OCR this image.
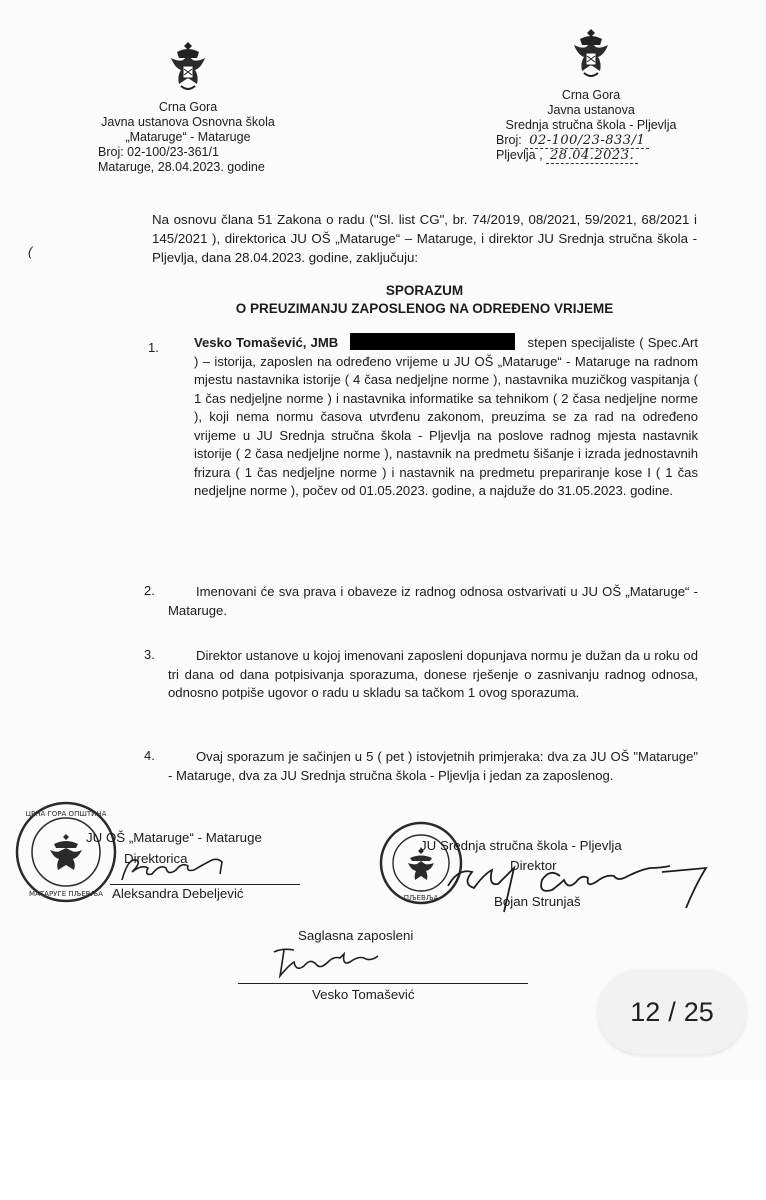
Crna Gora
Javna ustanova Osnovna škola
„Mataruge“ - Mataruge
Broj: 02-100/23-361/1
Mataruge, 28.04.2023. godine
Crna Gora
Javna ustanova
Srednja stručna škola - Pljevlja
Broj: 02-100/23-833/1
Pljevlja , 28.04.2023.
(
Na osnovu člana 51 Zakona o radu ("Sl. list CG", br. 74/2019, 08/2021, 59/2021, 68/2021 i 145/2021 ), direktorica JU OŠ „Mataruge“ – Mataruge, i direktor JU Srednja stručna škola - Pljevlja, dana 28.04.2023. godine, zaključuju:
SPORAZUM
O PREUZIMANJU ZAPOSLENOG NA ODREĐENO VRIJEME
1.	Vesko Tomašević, JMB	stepen specijaliste ( Spec.Art ) – istorija, zaposlen na određeno vrijeme u JU OŠ „Mataruge“ - Mataruge na radnom mjestu nastavnika istorije ( 4 časa nedjeljne norme ), nastavnika muzičkog vaspitanja ( 1 čas nedjeljne norme ) i nastavnika informatike sa tehnikom ( 2 časa nedjeljne norme ), koji nema normu časova utvrđenu zakonom, preuzima se za rad na određeno vrijeme u JU Srednja stručna škola - Pljevlja na poslove radnog mjesta nastavnik istorije ( 2 časa nedjeljne norme ), nastavnik na predmetu šišanje i izrada jednostavnih frizura ( 1 čas nedjeljne norme ) i nastavnik na predmetu prepariranje kose I ( 1 čas nedjeljne norme ), počev od 01.05.2023. godine, a najduže do 31.05.2023. godine.
2.	Imenovani će sva prava i obaveze iz radnog odnosa ostvarivati u JU OŠ „Mataruge“ - Mataruge.
3.	Direktor ustanove u kojoj imenovani zaposleni dopunjava normu je dužan da u roku od tri dana od dana potpisivanja sporazuma, donese rješenje o zasnivanju radnog odnosa, odnosno potpiše ugovor o radu u skladu sa tačkom 1 ovog sporazuma.
4.	Ovaj sporazum je sačinjen u 5 ( pet ) istovjetnih primjeraka: dva za JU OŠ "Mataruge" - Mataruge, dva za JU Srednja stručna škola - Pljevlja i jedan za zaposlenog.
ЦРНА ГОРА ОПШТИНА
МАТАРУГЕ ПЉЕВЉА
JU OŠ „Mataruge“ - Mataruge
Direktorica
Aleksandra Debeljević	ПЉЕВЉА
JU Srednja stručna škola - Pljevlja
Direktor
Bojan Strunjaš
Saglasna zaposleni
Vesko Tomašević
12 / 25
